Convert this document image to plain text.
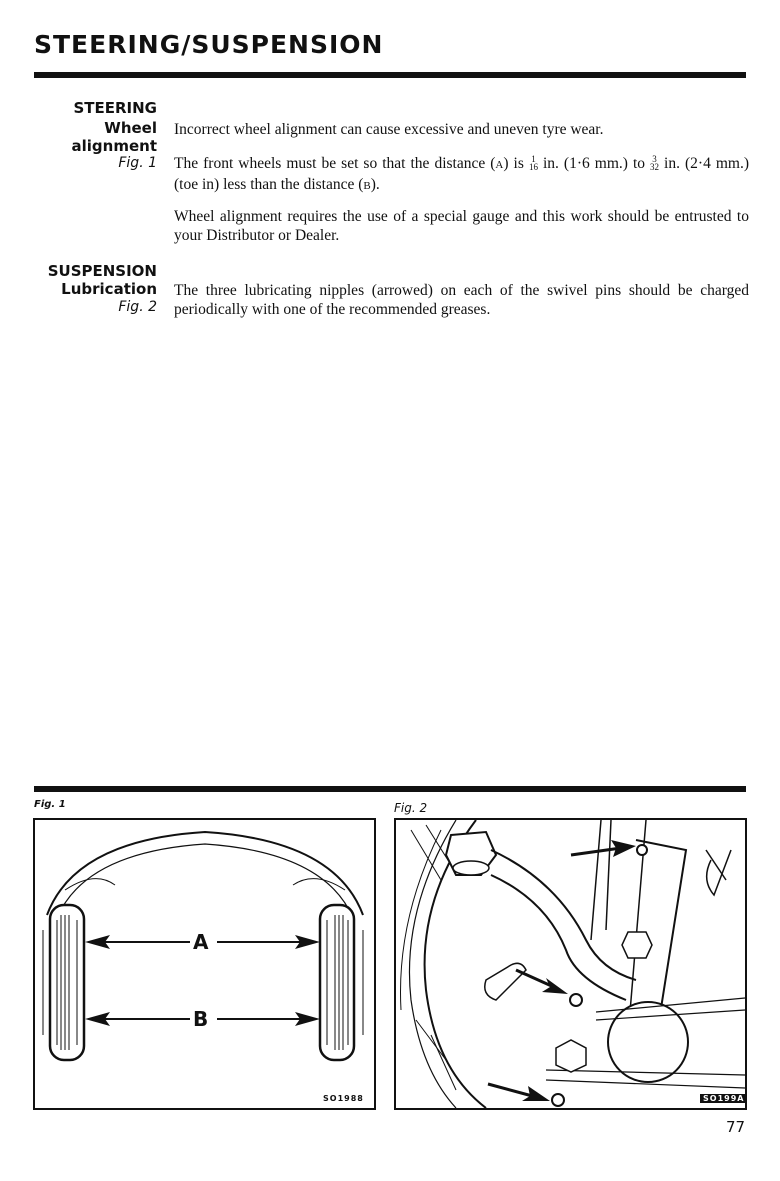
STEERING/SUSPENSION
STEERING
Wheel
alignment
Fig. 1
Incorrect wheel alignment can cause excessive and uneven tyre wear.
The front wheels must be set so that the distance (A) is 1
16 in. (1·6 mm.) to 3
32 in. (2·4 mm.) (toe in) less than the distance (B).
Wheel alignment requires the use of a special gauge and this work should be entrusted to your Distributor or Dealer.
SUSPENSION
Lubrication
Fig. 2
The three lubricating nipples (arrowed) on each of the swivel pins should be charged periodically with one of the recommended greases.
Fig. 1
A
B
SO1988
Fig. 2
SO199A
77
